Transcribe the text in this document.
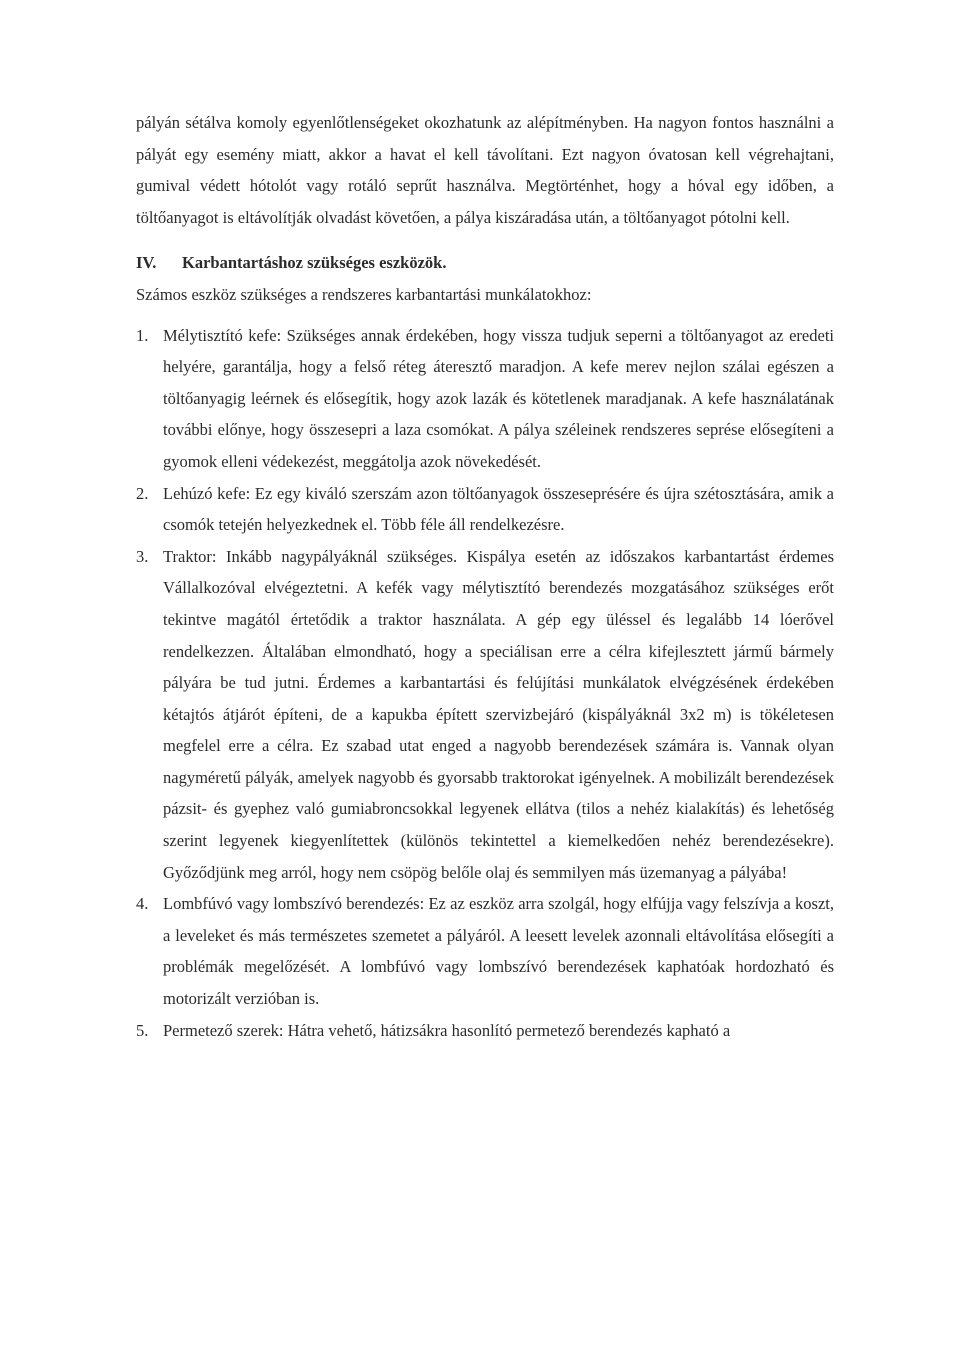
pályán sétálva komoly egyenlőtlenségeket okozhatunk az alépítményben. Ha nagyon fontos használni a pályát egy esemény miatt, akkor a havat el kell távolítani. Ezt nagyon óvatosan kell végrehajtani, gumival védett hótolót vagy rotáló seprűt használva. Megtörténhet, hogy a hóval egy időben, a töltőanyagot is eltávolítják olvadást követően, a pálya kiszáradása után, a töltőanyagot pótolni kell.

IV.	Karbantartáshoz szükséges eszközök.

Számos eszköz szükséges a rendszeres karbantartási munkálatokhoz:

1. Mélytisztító kefe: Szükséges annak érdekében, hogy vissza tudjuk seperni a töltőanyagot az eredeti helyére, garantálja, hogy a felső réteg áteresztő maradjon. A kefe merev nejlon szálai egészen a töltőanyagig leérnek és elősegítik, hogy azok lazák és kötetlenek maradjanak. A kefe használatának további előnye, hogy összesepri a laza csomókat. A pálya széleinek rendszeres seprése elősegíteni a gyomok elleni védekezést, meggátolja azok növekedését.
2. Lehúzó kefe: Ez egy kiváló szerszám azon töltőanyagok összeseprésére és újra szétosztására, amik a csomók tetején helyezkednek el. Több féle áll rendelkezésre.
3. Traktor: Inkább nagypályáknál szükséges. Kispálya esetén az időszakos karbantartást érdemes Vállalkozóval elvégeztetni. A kefék vagy mélytisztító berendezés mozgatásához szükséges erőt tekintve magától értetődik a traktor használata. A gép egy üléssel és legalább 14 lóerővel rendelkezzen. Általában elmondható, hogy a speciálisan erre a célra kifejlesztett jármű bármely pályára be tud jutni. Érdemes a karbantartási és felújítási munkálatok elvégzésének érdekében kétajtós átjárót építeni, de a kapukba épített szervizbejáró (kispályáknál 3x2 m) is tökéletesen megfelel erre a célra. Ez szabad utat enged a nagyobb berendezések számára is. Vannak olyan nagyméretű pályák, amelyek nagyobb és gyorsabb traktorokat igényelnek. A mobilizált berendezések pázsit- és gyephez való gumiabroncsokkal legyenek ellátva (tilos a nehéz kialakítás) és lehetőség szerint legyenek kiegyenlítettek (különös tekintettel a kiemelkedően nehéz berendezésekre). Győződjünk meg arról, hogy nem csöpög belőle olaj és semmilyen más üzemanyag a pályába!
4. Lombfúvó vagy lombszívó berendezés: Ez az eszköz arra szolgál, hogy elfújja vagy felszívja a koszt, a leveleket és más természetes szemetet a pályáról. A leesett levelek azonnali eltávolítása elősegíti a problémák megelőzését. A lombfúvó vagy lombszívó berendezések kaphatóak hordozható és motorizált verzióban is.
5. Permetező szerek: Hátra vehető, hátizsákra hasonlító permetező berendezés kapható a
